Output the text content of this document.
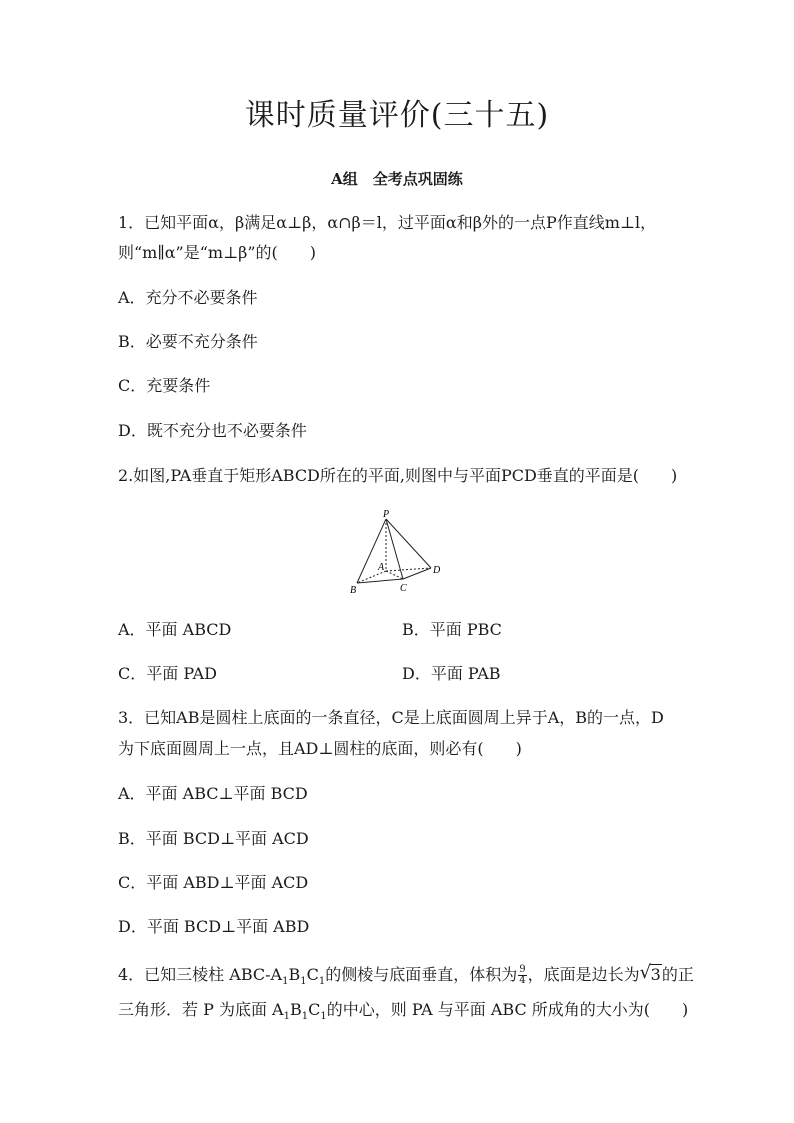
课时质量评价(三十五)
A组　全考点巩固练
1．已知平面α，β满足α⊥β，α∩β＝l，过平面α和β外的一点P作直线m⊥l，
则“m∥α”是“m⊥β”的(　　)
A．充分不必要条件
B．必要不充分条件
C．充要条件
D．既不充分也不必要条件
2.如图,PA垂直于矩形ABCD所在的平面,则图中与平面PCD垂直的平面是(　　)
P
A
B	C
D
A．平面 ABCD	B．平面 PBC
C．平面 PAD	D．平面 PAB
3．已知AB是圆柱上底面的一条直径，C是上底面圆周上异于A，B的一点，D
为下底面圆周上一点，且AD⊥圆柱的底面，则必有(　　)
A．平面 ABC⊥平面 BCD
B．平面 BCD⊥平面 ACD
C．平面 ABD⊥平面 ACD
D．平面 BCD⊥平面 ABD
4．已知三棱柱 ABC-$A_1B_1C_1$的侧棱与底面垂直，体积为 $\frac{9}{4}$ ，底面是边长为 √ 3的正
三角形．若 P 为底面 $A_1B_1C_1$的中心，则 PA 与平面 ABC 所成角的大小为(　　)
